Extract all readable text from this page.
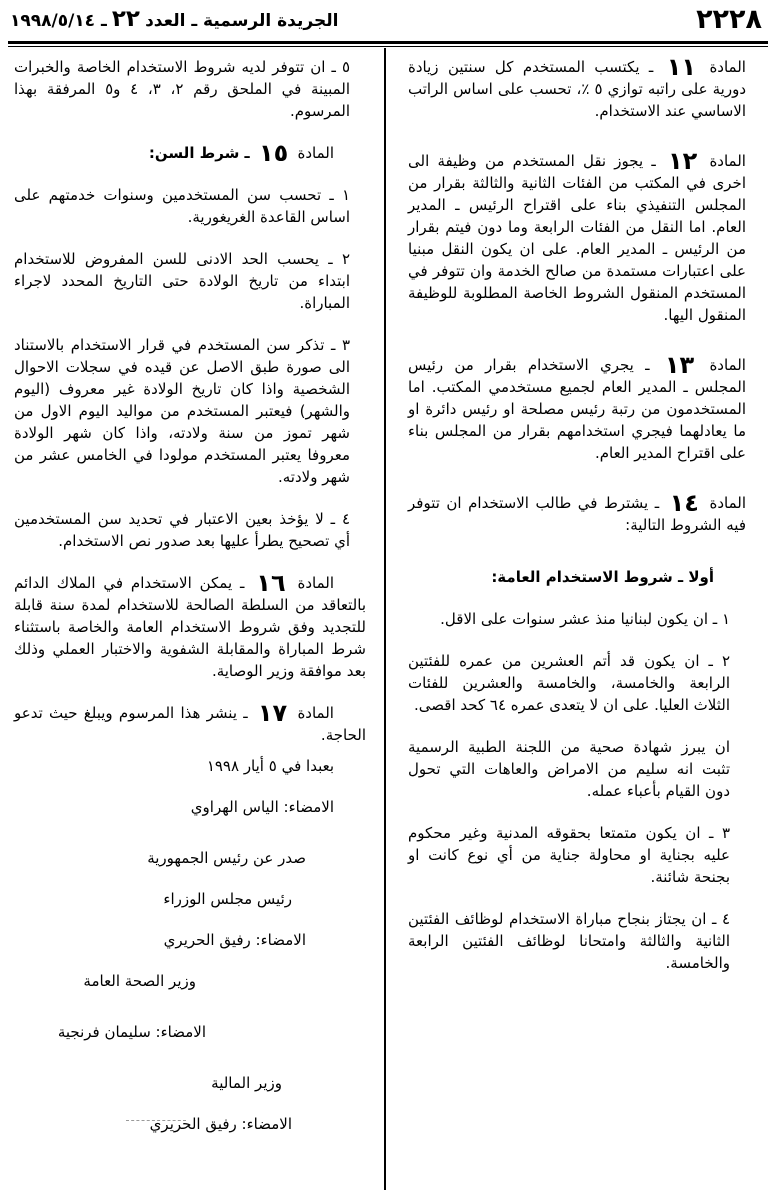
٢٢٢٨
الجريدة الرسمية ـ العدد ٢٢ ـ ١٩٩٨/٥/١٤

المادة ١١ ـ يكتسب المستخدم كل سنتين زيادة دورية على راتبه توازي ٥ ٪، تحسب على اساس الراتب الاساسي عند الاستخدام.

المادة ١٢ ـ يجوز نقل المستخدم من وظيفة الى اخرى في المكتب من الفئات الثانية والثالثة بقرار من المجلس التنفيذي بناء على اقتراح الرئيس ـ المدير العام. اما النقل من الفئات الرابعة وما دون فيتم بقرار من الرئيس ـ المدير العام. على ان يكون النقل مبنيا على اعتبارات مستمدة من صالح الخدمة وان تتوفر في المستخدم المنقول الشروط الخاصة المطلوبة للوظيفة المنقول اليها.

المادة ١٣ ـ يجري الاستخدام بقرار من رئيس المجلس ـ المدير العام لجميع مستخدمي المكتب. اما المستخدمون من رتبة رئيس مصلحة او رئيس دائرة او ما يعادلهما فيجري استخدامهم بقرار من المجلس بناء على اقتراح المدير العام.

المادة ١٤ ـ يشترط في طالب الاستخدام ان تتوفر فيه الشروط التالية:

أولا ـ شروط الاستخدام العامة:

١ ـ ان يكون لبنانيا منذ عشر سنوات على الاقل.

٢ ـ ان يكون قد أتم العشرين من عمره للفئتين الرابعة والخامسة، والخامسة والعشرين للفئات الثلاث العليا. على ان لا يتعدى عمره ٦٤ كحد اقصى.

ان يبرز شهادة صحية من اللجنة الطبية الرسمية تثبت انه سليم من الامراض والعاهات التي تحول دون القيام بأعباء عمله.

٣ ـ ان يكون متمتعا بحقوقه المدنية وغير محكوم عليه بجناية او محاولة جناية من أي نوع كانت او بجنحة شائنة.

٤ ـ ان يجتاز بنجاح مباراة الاستخدام لوظائف الفئتين الثانية والثالثة وامتحانا لوظائف الفئتين الرابعة والخامسة.

٥ ـ ان تتوفر لديه شروط الاستخدام الخاصة والخبرات المبينة في الملحق رقم ٢، ٣، ٤ و٥ المرفقة بهذا المرسوم.

المادة ١٥ ـ شرط السن:

١ ـ تحسب سن المستخدمين وسنوات خدمتهم على اساس القاعدة الغريغورية.

٢ ـ يحسب الحد الادنى للسن المفروض للاستخدام ابتداء من تاريخ الولادة حتى التاريخ المحدد لاجراء المباراة.

٣ ـ تذكر سن المستخدم في قرار الاستخدام بالاستناد الى صورة طبق الاصل عن قيده في سجلات الاحوال الشخصية واذا كان تاريخ الولادة غير معروف (اليوم والشهر) فيعتبر المستخدم من مواليد اليوم الاول من شهر تموز من سنة ولادته، واذا كان شهر الولادة معروفا يعتبر المستخدم مولودا في الخامس عشر من شهر ولادته.

٤ ـ لا يؤخذ بعين الاعتبار في تحديد سن المستخدمين أي تصحيح يطرأ عليها بعد صدور نص الاستخدام.

المادة ١٦ ـ يمكن الاستخدام في الملاك الدائم بالتعاقد من السلطة الصالحة للاستخدام لمدة سنة قابلة للتجديد وفق شروط الاستخدام العامة والخاصة باستثناء شرط المباراة والمقابلة الشفوية والاختبار العملي وذلك بعد موافقة وزير الوصاية.

المادة ١٧ ـ ينشر هذا المرسوم ويبلغ حيث تدعو الحاجة.

بعبدا في ٥ أيار ١٩٩٨

الامضاء: الياس الهراوي

صدر عن رئيس الجمهورية

رئيس مجلس الوزراء

الامضاء: رفيق الحريري

وزير الصحة العامة

الامضاء: سليمان فرنجية

وزير المالية

الامضاء: رفيق الحريري
